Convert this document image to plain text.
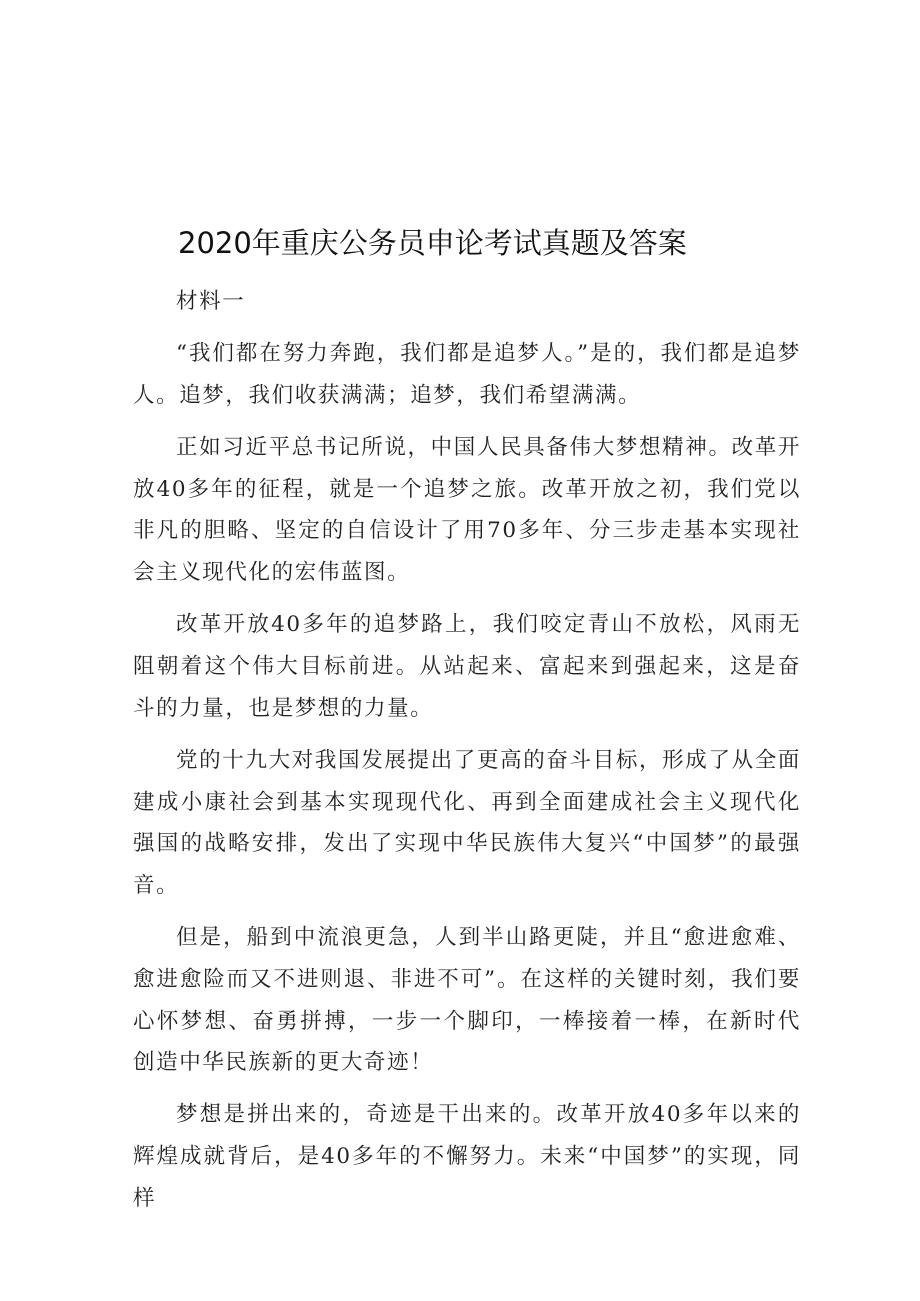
2020年重庆公务员申论考试真题及答案

材料一

“我们都在努力奔跑，我们都是追梦人。”是的，我们都是追梦人。追梦，我们收获满满；追梦，我们希望满满。

正如习近平总书记所说，中国人民具备伟大梦想精神。改革开放40多年的征程，就是一个追梦之旅。改革开放之初，我们党以非凡的胆略、坚定的自信设计了用70多年、分三步走基本实现社会主义现代化的宏伟蓝图。

改革开放40多年的追梦路上，我们咬定青山不放松，风雨无阻朝着这个伟大目标前进。从站起来、富起来到强起来，这是奋斗的力量，也是梦想的力量。

党的十九大对我国发展提出了更高的奋斗目标，形成了从全面建成小康社会到基本实现现代化、再到全面建成社会主义现代化强国的战略安排，发出了实现中华民族伟大复兴“中国梦”的最强音。

但是，船到中流浪更急，人到半山路更陡，并且“愈进愈难、愈进愈险而又不进则退、非进不可”。在这样的关键时刻，我们要心怀梦想、奋勇拼搏，一步一个脚印，一棒接着一棒，在新时代创造中华民族新的更大奇迹！

梦想是拼出来的，奇迹是干出来的。改革开放40多年以来的辉煌成就背后，是40多年的不懈努力。未来“中国梦”的实现，同样
